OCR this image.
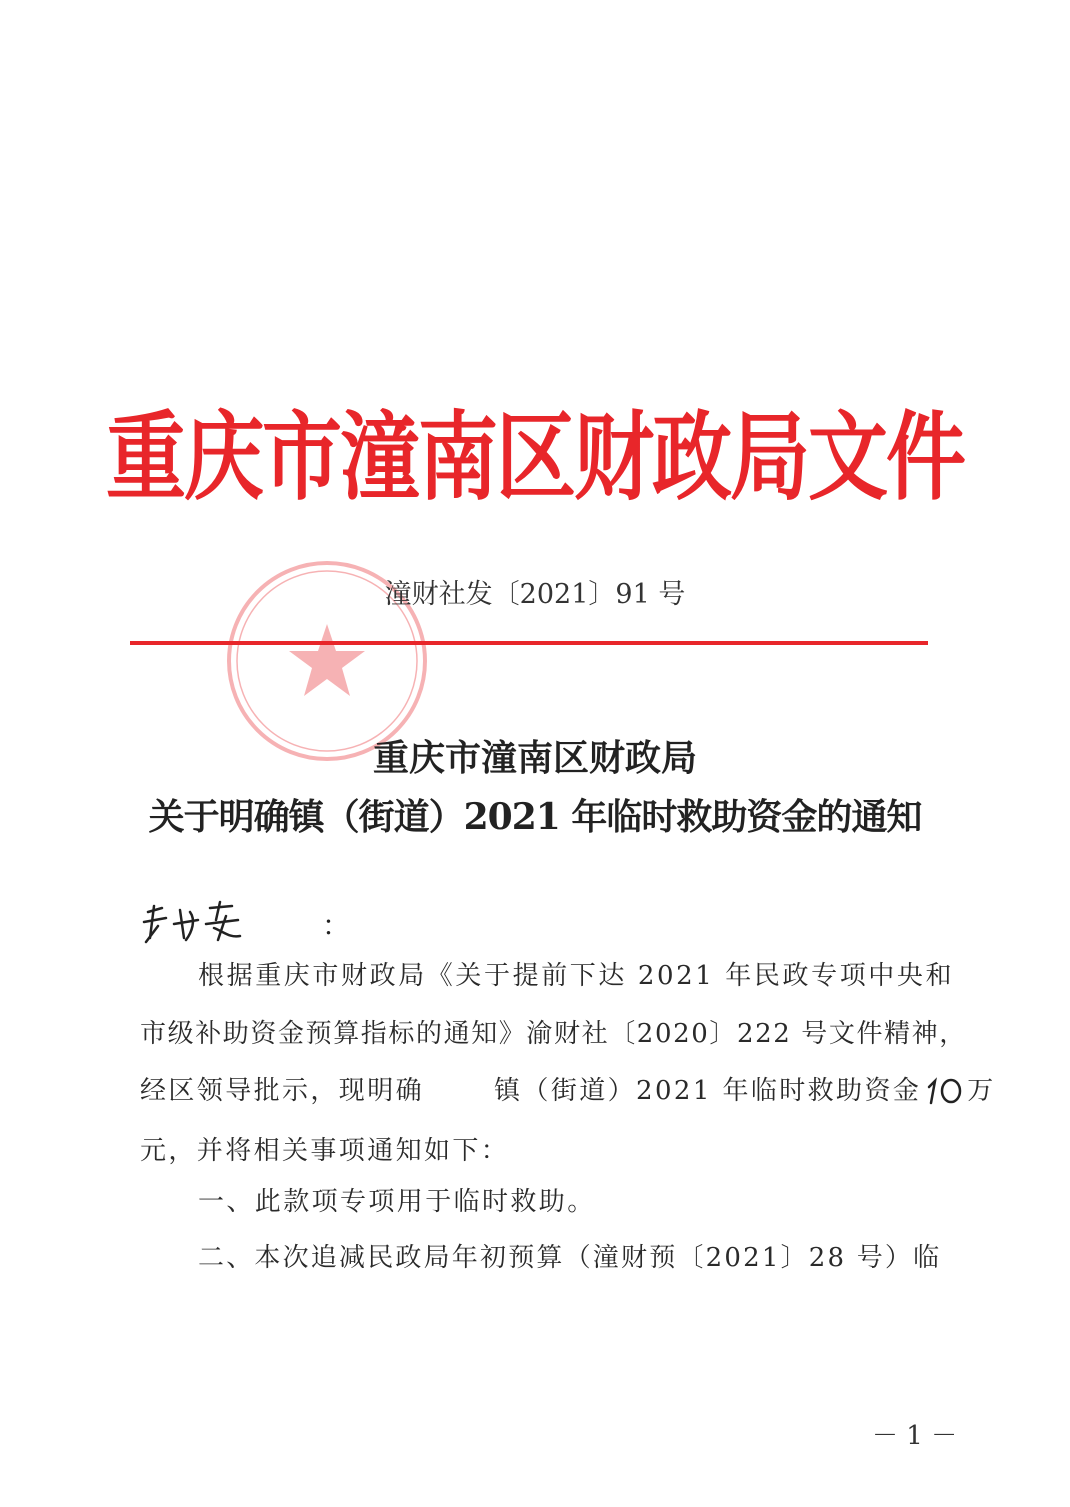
重庆市潼南区财政局文件
潼财社发〔2021〕91 号
重庆市潼南区财政局
关于明确镇（街道）2021 年临时救助资金的通知
：
根据重庆市财政局《关于提前下达 2021 年民政专项中央和
市级补助资金预算指标的通知》渝财社〔2020〕222 号文件精神，
经区领导批示，现明确	镇（街道）2021 年临时救助资金 万
元，并将相关事项通知如下：
一、此款项专项用于临时救助。
二、本次追减民政局年初预算（潼财预〔2021〕28 号）临
－ 1 －
